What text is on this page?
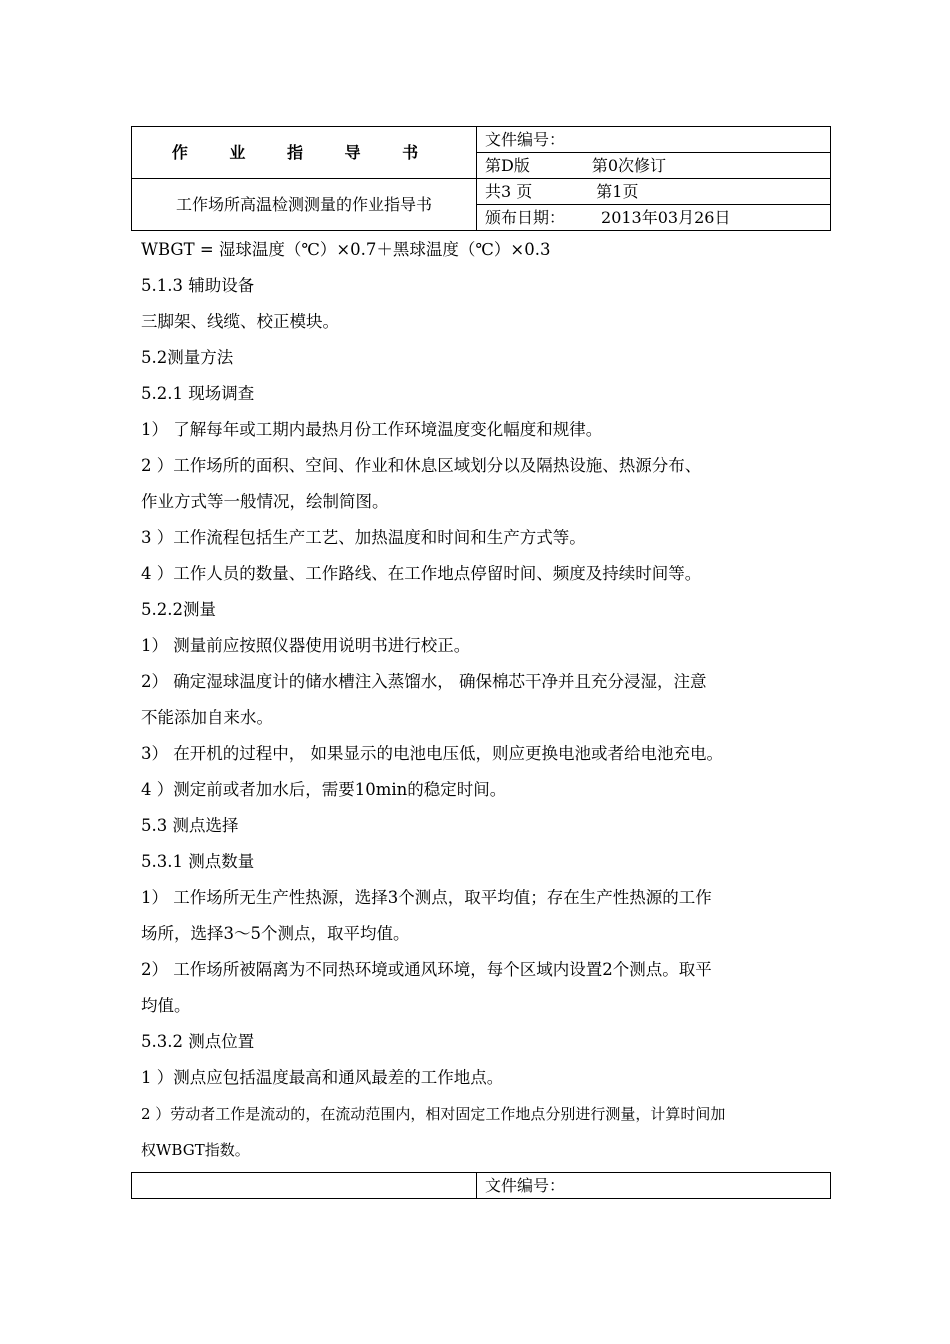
作 业 指 导 书	文件编号：
	第D版 第0次修订
工作场所高温检测测量的作业指导书	共3 页 第1页
	颁布日期： 2013年03月26日

WBGT = 湿球温度（℃）×0.7＋黑球温度（℃）×0.3

5.1.3 辅助设备

三脚架、线缆、校正模块。

5.2测量方法

5.2.1 现场调查

1） 了解每年或工期内最热月份工作环境温度变化幅度和规律。

2 ）工作场所的面积、空间、作业和休息区域划分以及隔热设施、热源分布、

作业方式等一般情况，绘制简图。

3 ）工作流程包括生产工艺、加热温度和时间和生产方式等。

4 ）工作人员的数量、工作路线、在工作地点停留时间、频度及持续时间等。

5.2.2测量

1） 测量前应按照仪器使用说明书进行校正。

2） 确定湿球温度计的储水槽注入蒸馏水， 确保棉芯干净并且充分浸湿，注意

不能添加自来水。

3） 在开机的过程中， 如果显示的电池电压低，则应更换电池或者给电池充电。

4 ）测定前或者加水后，需要10min的稳定时间。

5.3 测点选择

5.3.1 测点数量

1） 工作场所无生产性热源，选择3个测点，取平均值；存在生产性热源的工作

场所，选择3～5个测点，取平均值。

2） 工作场所被隔离为不同热环境或通风环境，每个区域内设置2个测点。取平

均值。

5.3.2 测点位置

1 ）测点应包括温度最高和通风最差的工作地点。

2 ）劳动者工作是流动的，在流动范围内，相对固定工作地点分别进行测量，计算时间加

权WBGT指数。

	文件编号：
